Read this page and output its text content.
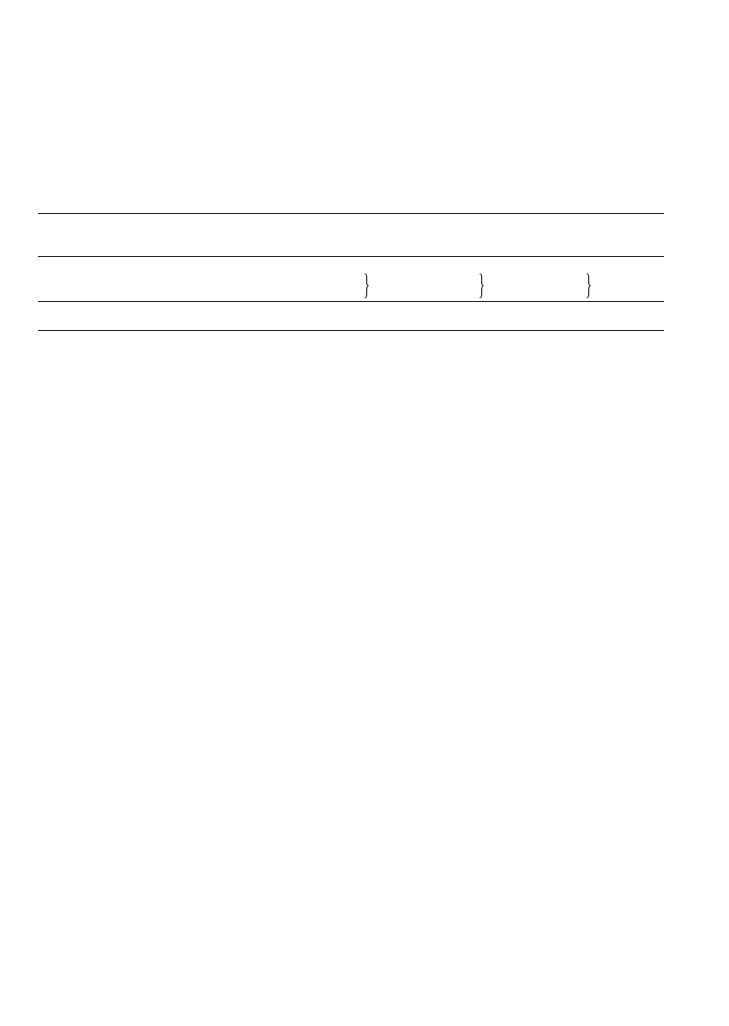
}	}	}
